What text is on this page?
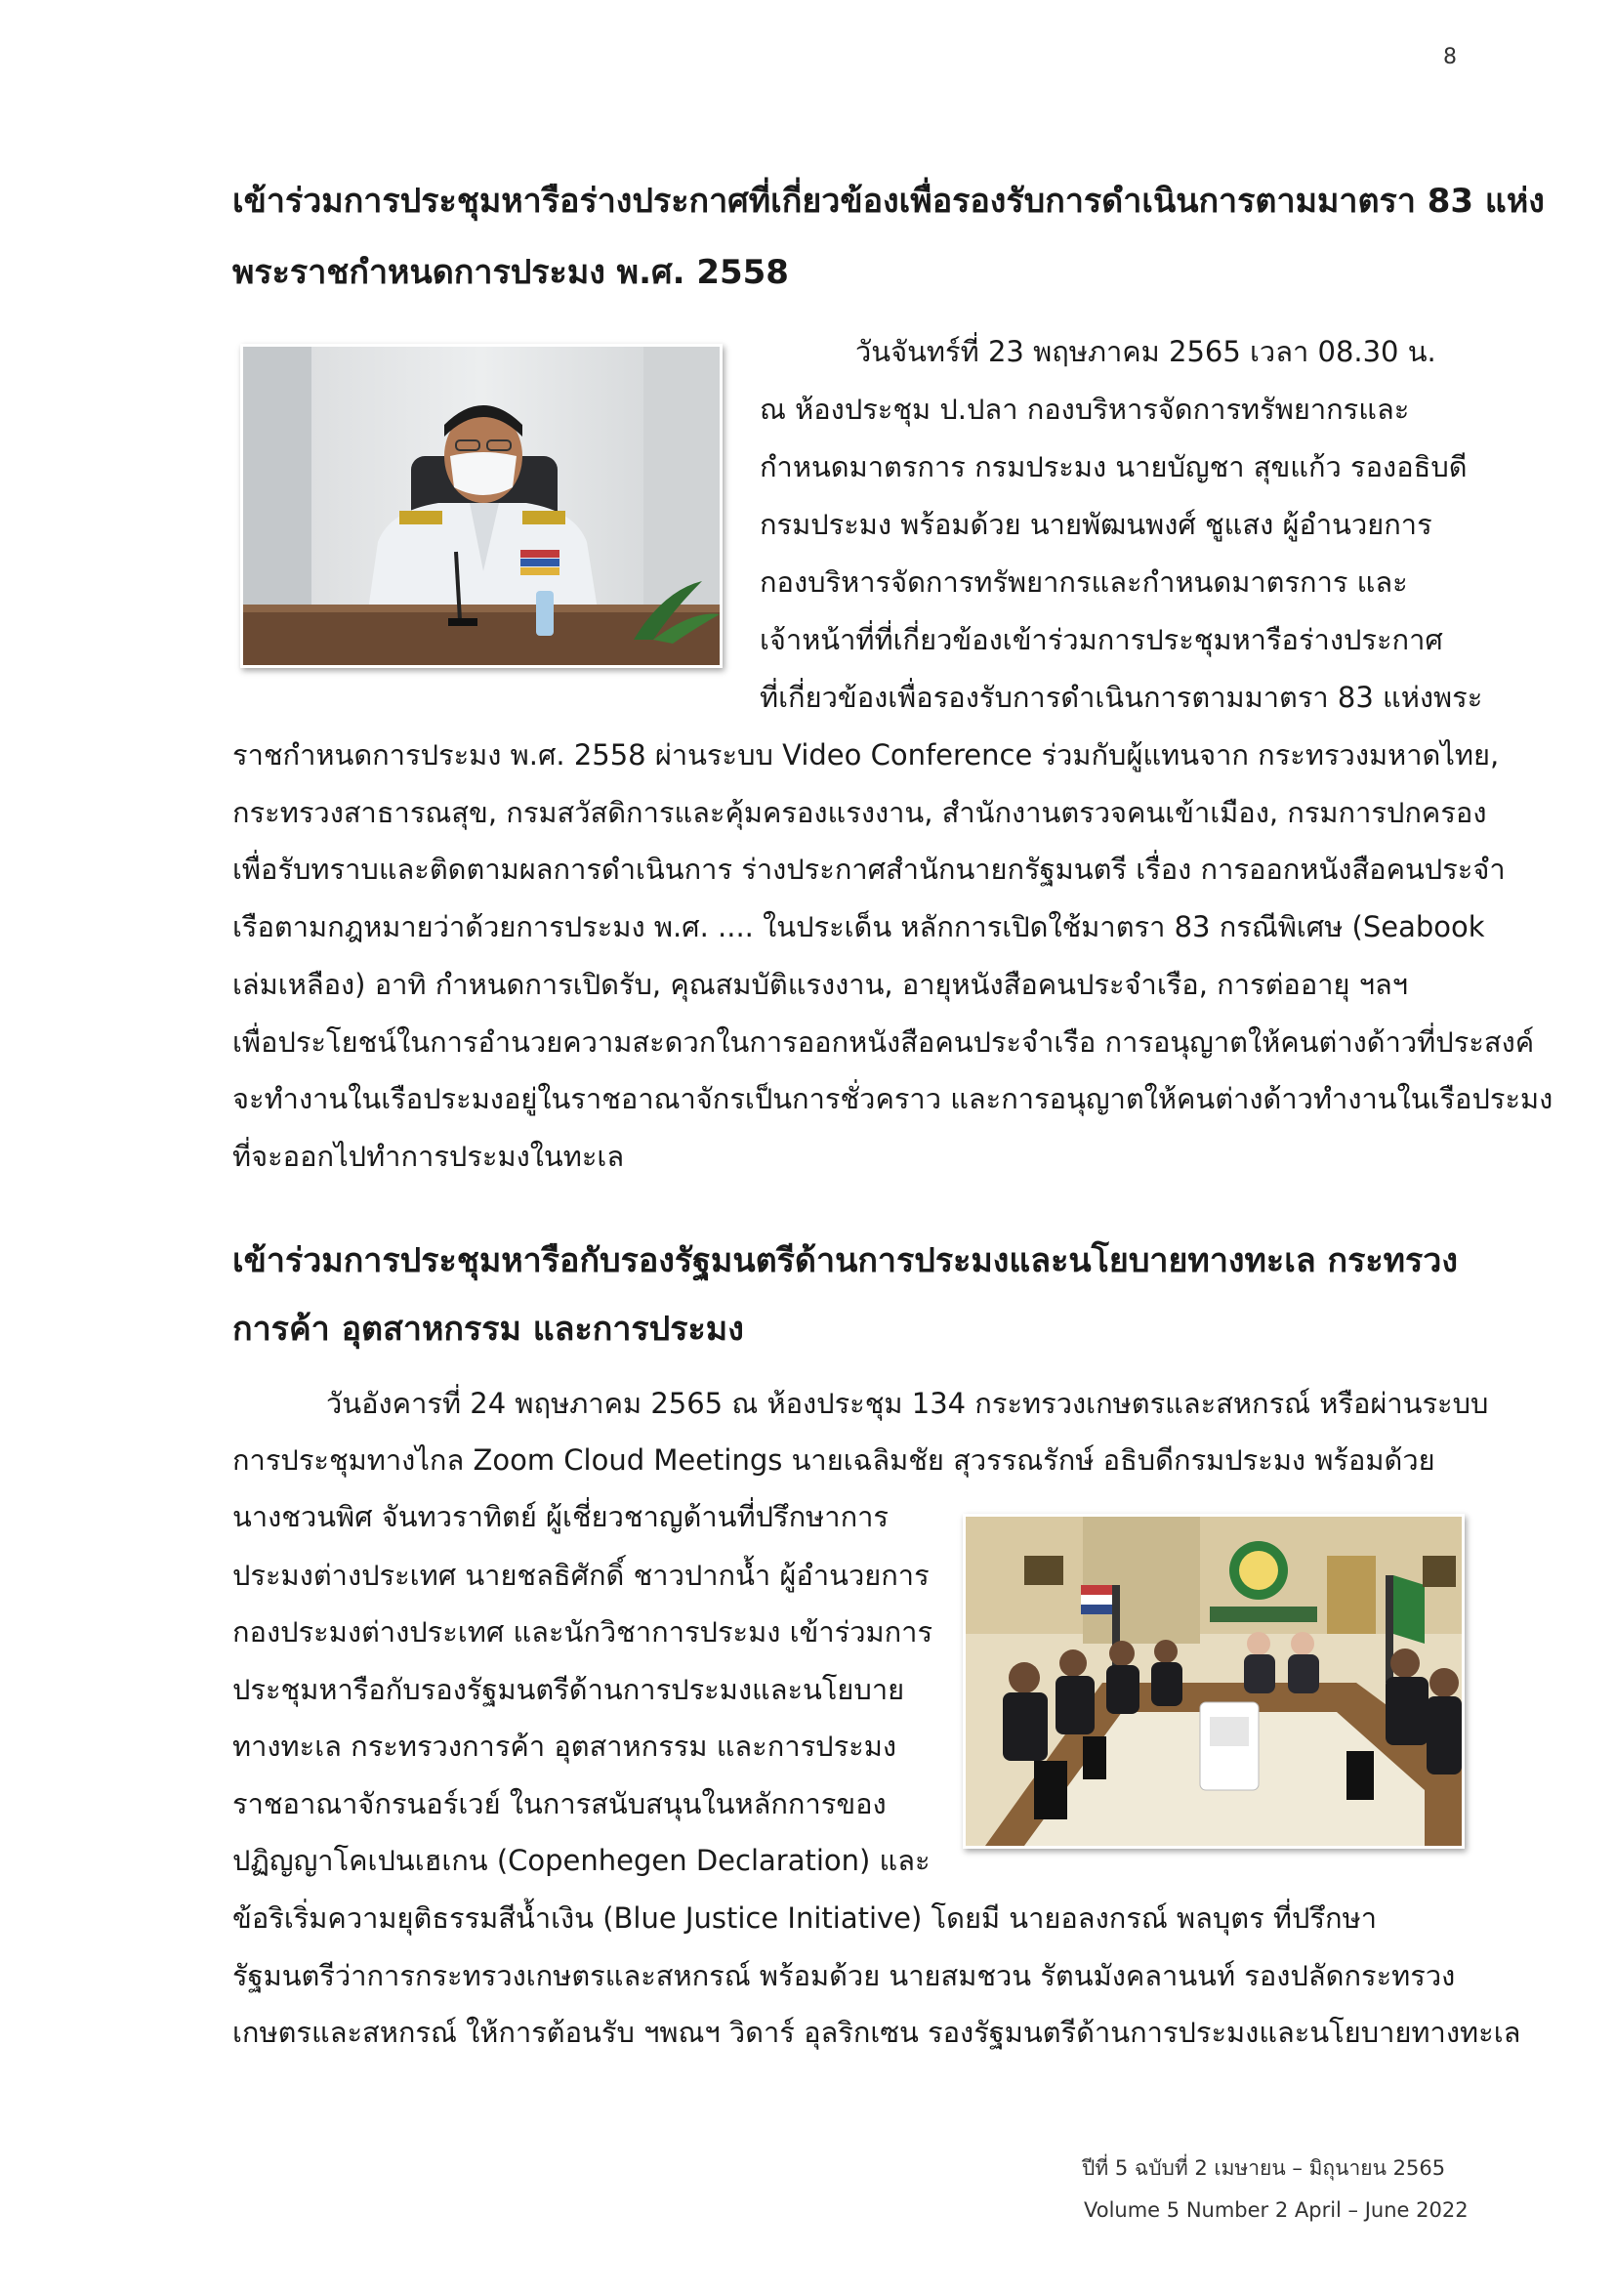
8
เข้าร่วมการประชุมหารือร่างประกาศที่เกี่ยวข้องเพื่อรองรับการดำเนินการตามมาตรา 83 แห่ง
พระราชกำหนดการประมง พ.ศ. 2558
วันจันทร์ที่ 23 พฤษภาคม 2565 เวลา 08.30 น.
ณ ห้องประชุม ป.ปลา กองบริหารจัดการทรัพยากรและ
กำหนดมาตรการ กรมประมง นายบัญชา สุขแก้ว รองอธิบดี
กรมประมง พร้อมด้วย นายพัฒนพงศ์ ชูแสง ผู้อำนวยการ
กองบริหารจัดการทรัพยากรและกำหนดมาตรการ และ
เจ้าหน้าที่ที่เกี่ยวข้องเข้าร่วมการประชุมหารือร่างประกาศ
ที่เกี่ยวข้องเพื่อรองรับการดำเนินการตามมาตรา 83 แห่งพระ
ราชกำหนดการประมง พ.ศ. 2558 ผ่านระบบ Video Conference ร่วมกับผู้แทนจาก กระทรวงมหาดไทย,
กระทรวงสาธารณสุข, กรมสวัสดิการและคุ้มครองแรงงาน, สำนักงานตรวจคนเข้าเมือง, กรมการปกครอง
เพื่อรับทราบและติดตามผลการดำเนินการ ร่างประกาศสำนักนายกรัฐมนตรี เรื่อง การออกหนังสือคนประจำ
เรือตามกฎหมายว่าด้วยการประมง พ.ศ. .... ในประเด็น หลักการเปิดใช้มาตรา 83 กรณีพิเศษ (Seabook
เล่มเหลือง) อาทิ กำหนดการเปิดรับ, คุณสมบัติแรงงาน, อายุหนังสือคนประจำเรือ, การต่ออายุ ฯลฯ
เพื่อประโยชน์ในการอำนวยความสะดวกในการออกหนังสือคนประจำเรือ การอนุญาตให้คนต่างด้าวที่ประสงค์
จะทำงานในเรือประมงอยู่ในราชอาณาจักรเป็นการชั่วคราว และการอนุญาตให้คนต่างด้าวทำงานในเรือประมง
ที่จะออกไปทำการประมงในทะเล
เข้าร่วมการประชุมหารือกับรองรัฐมนตรีด้านการประมงและนโยบายทางทะเล กระทรวง
การค้า อุตสาหกรรม และการประมง
วันอังคารที่ 24 พฤษภาคม 2565 ณ ห้องประชุม 134 กระทรวงเกษตรและสหกรณ์ หรือผ่านระบบ
การประชุมทางไกล Zoom Cloud Meetings นายเฉลิมชัย สุวรรณรักษ์ อธิบดีกรมประมง พร้อมด้วย
นางชวนพิศ จันทวราทิตย์ ผู้เชี่ยวชาญด้านที่ปรึกษาการ
ประมงต่างประเทศ นายชลธิศักดิ์ ชาวปากน้ำ ผู้อำนวยการ
กองประมงต่างประเทศ และนักวิชาการประมง เข้าร่วมการ
ประชุมหารือกับรองรัฐมนตรีด้านการประมงและนโยบาย
ทางทะเล กระทรวงการค้า อุตสาหกรรม และการประมง
ราชอาณาจักรนอร์เวย์ ในการสนับสนุนในหลักการของ
ปฏิญญาโคเปนเฮเกน (Copenhegen Declaration) และ
ข้อริเริ่มความยุติธรรมสีน้ำเงิน (Blue Justice Initiative) โดยมี นายอลงกรณ์ พลบุตร ที่ปรึกษา
รัฐมนตรีว่าการกระทรวงเกษตรและสหกรณ์ พร้อมด้วย นายสมชวน รัตนมังคลานนท์ รองปลัดกระทรวง
เกษตรและสหกรณ์ ให้การต้อนรับ ฯพณฯ วิดาร์ อุลริกเซน รองรัฐมนตรีด้านการประมงและนโยบายทางทะเล
ปีที่ 5 ฉบับที่ 2 เมษายน – มิถุนายน 2565
Volume 5 Number 2 April – June 2022
